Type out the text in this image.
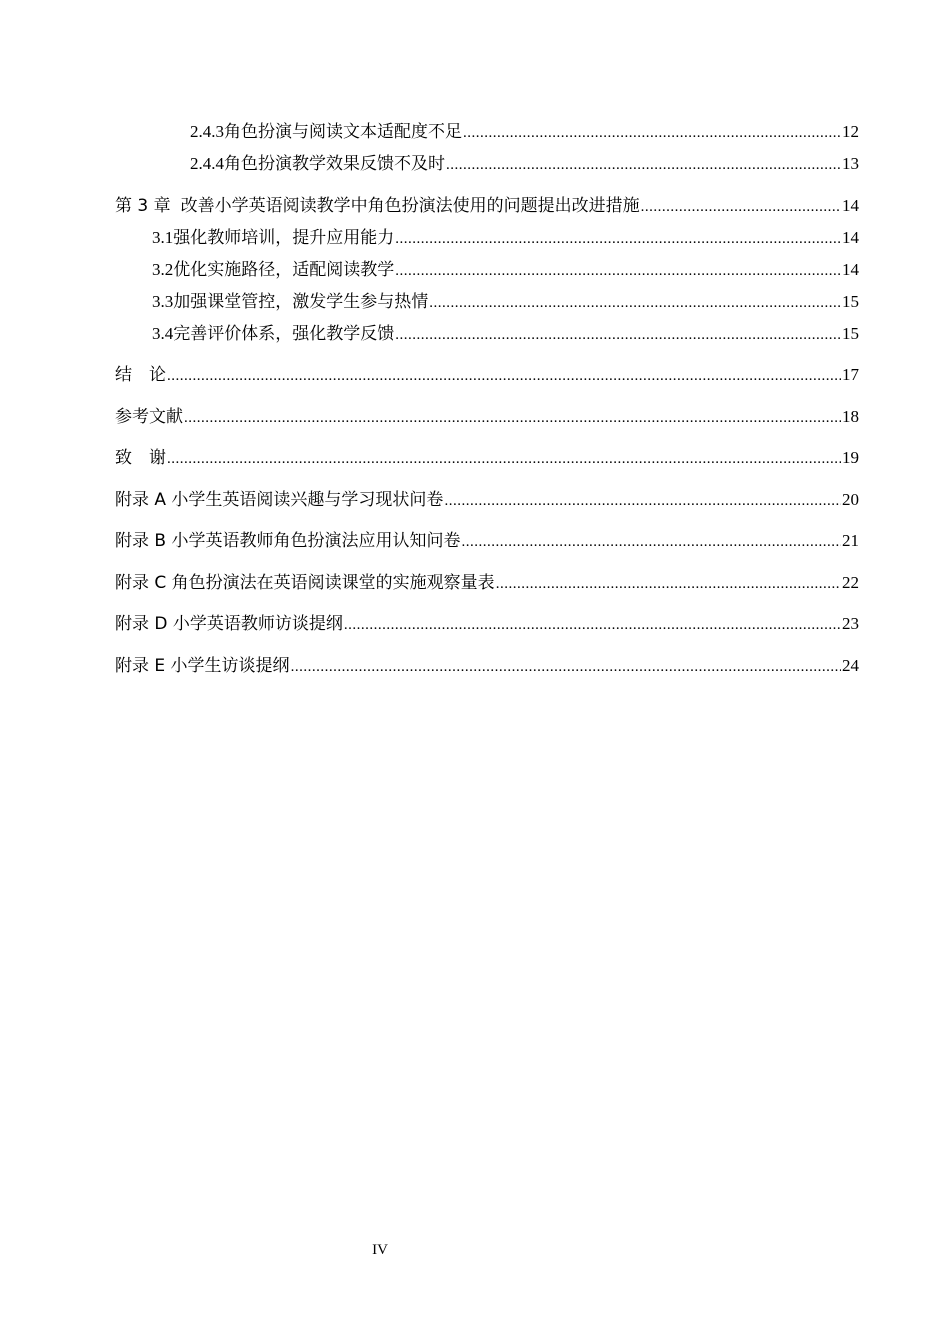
2.4.3 角色扮演与阅读文本适配度不足 .....	12
2.4.4 角色扮演教学效果反馈不及时 .....	13
第 3 章 改善小学英语阅读教学中角色扮演法使用的问题提出改进措施 .....	14
3.1 强化教师培训，提升应用能力 .....	14
3.2 优化实施路径，适配阅读教学 .....	14
3.3 加强课堂管控，激发学生参与热情 .....	15
3.4 完善评价体系，强化教学反馈 .....	15
结　论 .....	17
参考文献 .....	18
致　谢 .....	19
附录 A 小学生英语阅读兴趣与学习现状问卷 .....	20
附录 B 小学英语教师角色扮演法应用认知问卷 .....	21
附录 C 角色扮演法在英语阅读课堂的实施观察量表 .....	22
附录 D 小学英语教师访谈提纲 .....	23
附录 E 小学生访谈提纲 .....	24
IV
